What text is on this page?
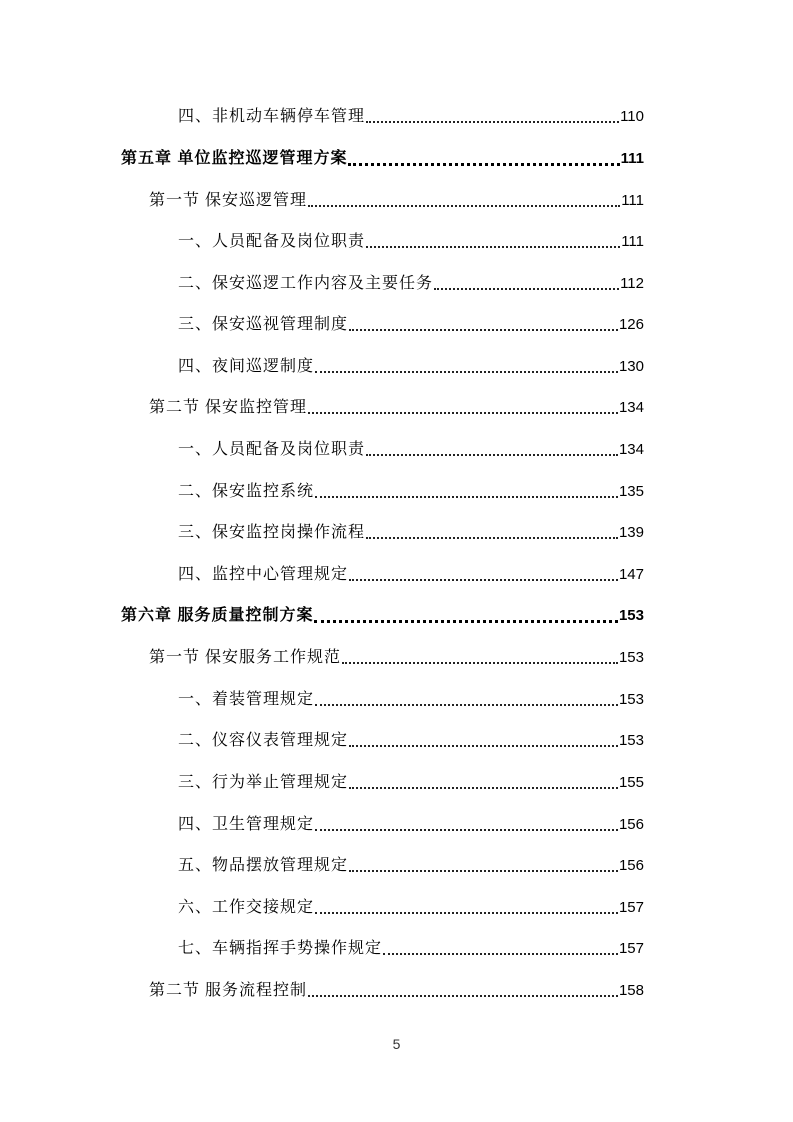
四、非机动车辆停车管理	110
第五章 单位监控巡逻管理方案	111
第一节 保安巡逻管理	111
一、人员配备及岗位职责	111
二、保安巡逻工作内容及主要任务	112
三、保安巡视管理制度	126
四、夜间巡逻制度	130
第二节 保安监控管理	134
一、人员配备及岗位职责	134
二、保安监控系统	135
三、保安监控岗操作流程	139
四、监控中心管理规定	147
第六章 服务质量控制方案	153
第一节 保安服务工作规范	153
一、着装管理规定	153
二、仪容仪表管理规定	153
三、行为举止管理规定	155
四、卫生管理规定	156
五、物品摆放管理规定	156
六、工作交接规定	157
七、车辆指挥手势操作规定	157
第二节 服务流程控制	158
5
